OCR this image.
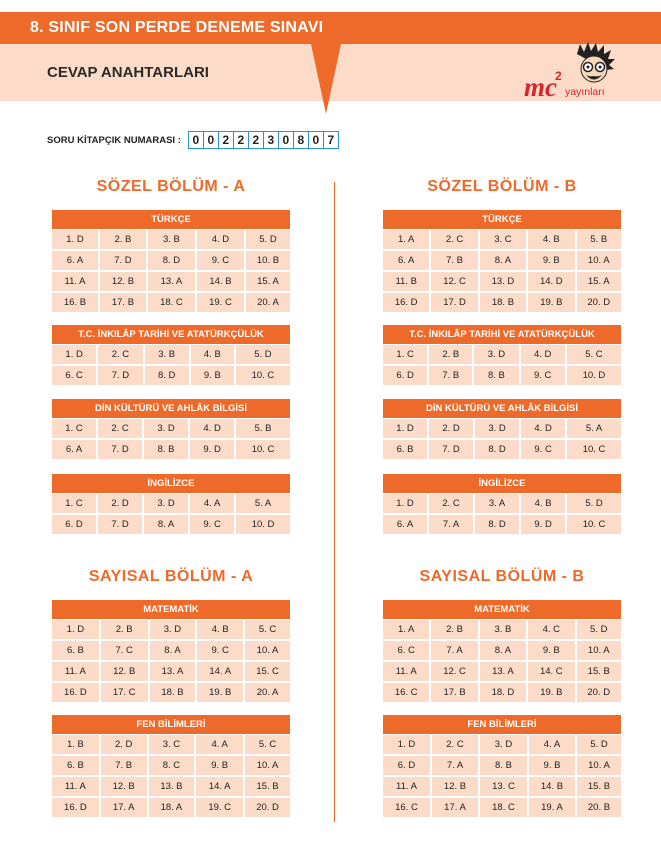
8. SINIF SON PERDE DENEME SINAVI
CEVAP ANAHTARLARI	mc
2
yayınları
SORU KİTAPÇIK NUMARASI : 0 0 2 2 2 3 0 8 0 7
SÖZEL BÖLÜM - A
TÜRKÇE
1. D	2. B	3. B	4. D	5. D
6. A	7. D	8. D	9. C	10. B
11. A	12. B	13. A	14. B	15. A
16. B	17. B	18. C	19. C	20. A
T.C. İNKILÂP TARİHİ VE ATATÜRKÇÜLÜK
1. D	2. C	3. B	4. B	5. D
6. C	7. D	8. D	9. B	10. C
DİN KÜLTÜRÜ VE AHLÂK BİLGİSİ
1. C	2. C	3. D	4. D	5. B
6. A	7. D	8. B	9. D	10. C
İNGİLİZCE
1. C	2. D	3. D	4. A	5. A
6. D	7. D	8. A	9. C	10. D
SÖZEL BÖLÜM - B
TÜRKÇE
1. A	2. C	3. C	4. B	5. B
6. A	7. B	8. A	9. B	10. A
11. B	12. C	13. D	14. D	15. A
16. D	17. D	18. B	19. B	20. D
T.C. İNKILÂP TARİHİ VE ATATÜRKÇÜLÜK
1. C	2. B	3. D	4. D	5. C
6. D	7. B	8. B	9. C	10. D
DİN KÜLTÜRÜ VE AHLÂK BİLGİSİ
1. D	2. D	3. D	4. D	5. A
6. B	7. D	8. D	9. C	10. C
İNGİLİZCE
1. D	2. C	3. A	4. B	5. D
6. A	7. A	8. D	9. D	10. C
SAYISAL BÖLÜM - A
MATEMATİK
1. D	2. B	3. D	4. B	5. C
6. B	7. C	8. A	9. C	10. A
11. A	12. B	13. A	14. A	15. C
16. D	17. C	18. B	19. B	20. A
FEN BİLİMLERİ
1. B	2. D	3. C	4. A	5. C
6. B	7. B	8. C	9. B	10. A
11. A	12. B	13. B	14. A	15. B
16. D	17. A	18. A	19. C	20. D
SAYISAL BÖLÜM - B
MATEMATİK
1. A	2. B	3. B	4. C	5. D
6. C	7. A	8. A	9. B	10. A
11. A	12. C	13. A	14. C	15. B
16. C	17. B	18. D	19. B	20. D
FEN BİLİMLERİ
1. D	2. C	3. D	4. A	5. D
6. D	7. A	8. B	9. B	10. A
11. A	12. B	13. C	14. B	15. B
16. C	17. A	18. C	19. A	20. B
